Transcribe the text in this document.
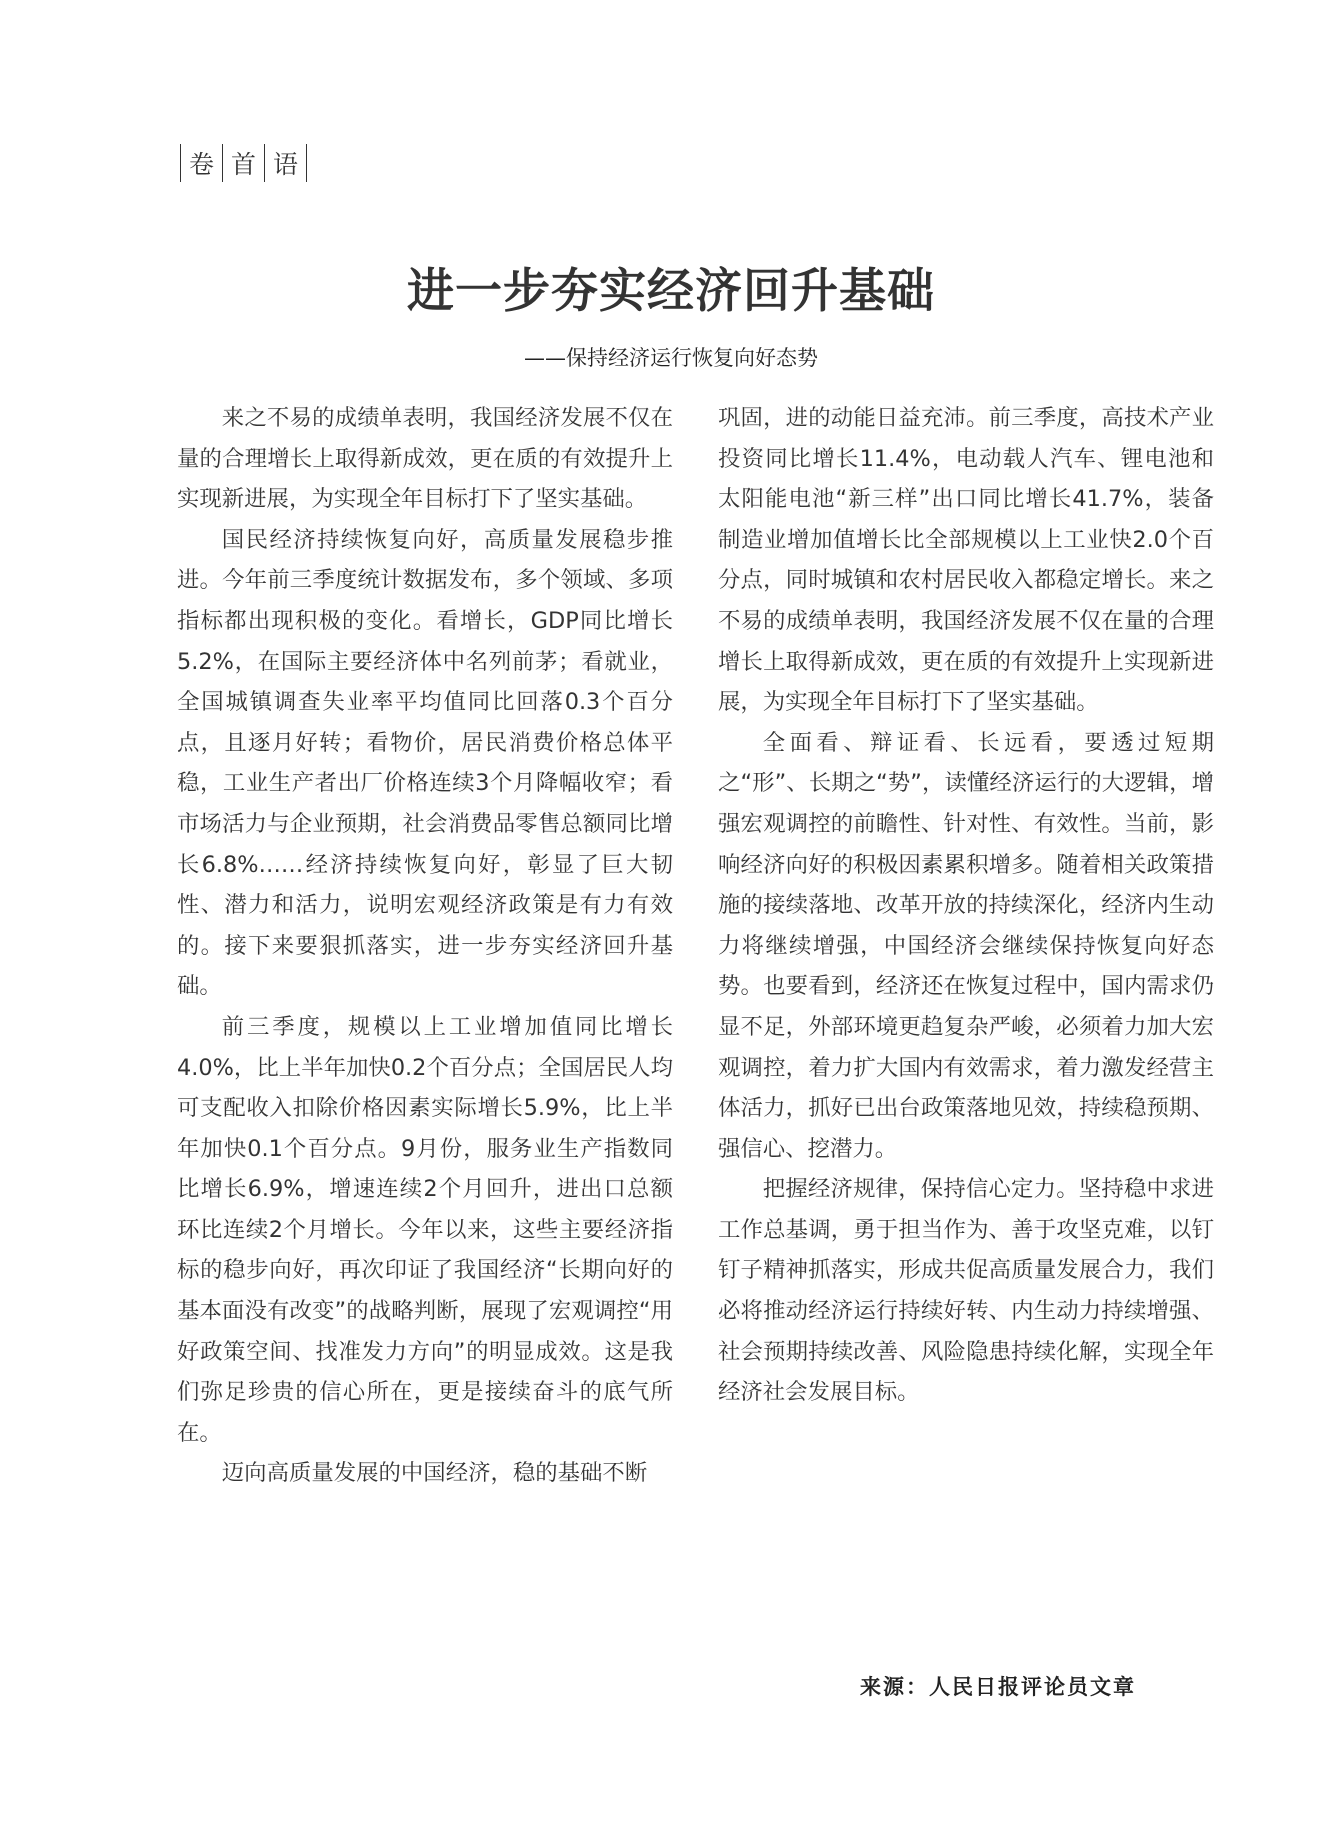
卷 首 语
进一步夯实经济回升基础
——保持经济运行恢复向好态势

来之不易的成绩单表明，我国经济发展不仅在量的合理增长上取得新成效，更在质的有效提升上实现新进展，为实现全年目标打下了坚实基础。

国民经济持续恢复向好，高质量发展稳步推进。今年前三季度统计数据发布，多个领域、多项指标都出现积极的变化。看增长，GDP同比增长5.2%，在国际主要经济体中名列前茅；看就业，全国城镇调查失业率平均值同比回落0.3个百分点，且逐月好转；看物价，居民消费价格总体平稳，工业生产者出厂价格连续3个月降幅收窄；看市场活力与企业预期，社会消费品零售总额同比增长6.8%……经济持续恢复向好，彰显了巨大韧性、潜力和活力，说明宏观经济政策是有力有效的。接下来要狠抓落实，进一步夯实经济回升基础。

前三季度，规模以上工业增加值同比增长4.0%，比上半年加快0.2个百分点；全国居民人均可支配收入扣除价格因素实际增长5.9%，比上半年加快0.1个百分点。9月份，服务业生产指数同比增长6.9%，增速连续2个月回升，进出口总额环比连续2个月增长。今年以来，这些主要经济指标的稳步向好，再次印证了我国经济“长期向好的基本面没有改变”的战略判断，展现了宏观调控“用好政策空间、找准发力方向”的明显成效。这是我们弥足珍贵的信心所在，更是接续奋斗的底气所在。

迈向高质量发展的中国经济，稳的基础不断

巩固，进的动能日益充沛。前三季度，高技术产业投资同比增长11.4%，电动载人汽车、锂电池和太阳能电池“新三样”出口同比增长41.7%，装备制造业增加值增长比全部规模以上工业快2.0个百分点，同时城镇和农村居民收入都稳定增长。来之不易的成绩单表明，我国经济发展不仅在量的合理增长上取得新成效，更在质的有效提升上实现新进展，为实现全年目标打下了坚实基础。

全面看、辩证看、长远看，要透过短期之“形”、长期之“势”，读懂经济运行的大逻辑，增强宏观调控的前瞻性、针对性、有效性。当前，影响经济向好的积极因素累积增多。随着相关政策措施的接续落地、改革开放的持续深化，经济内生动力将继续增强，中国经济会继续保持恢复向好态势。也要看到，经济还在恢复过程中，国内需求仍显不足，外部环境更趋复杂严峻，必须着力加大宏观调控，着力扩大国内有效需求，着力激发经营主体活力，抓好已出台政策落地见效，持续稳预期、强信心、挖潜力。

把握经济规律，保持信心定力。坚持稳中求进工作总基调，勇于担当作为、善于攻坚克难，以钉钉子精神抓落实，形成共促高质量发展合力，我们必将推动经济运行持续好转、内生动力持续增强、社会预期持续改善、风险隐患持续化解，实现全年经济社会发展目标。

来源：人民日报评论员文章
